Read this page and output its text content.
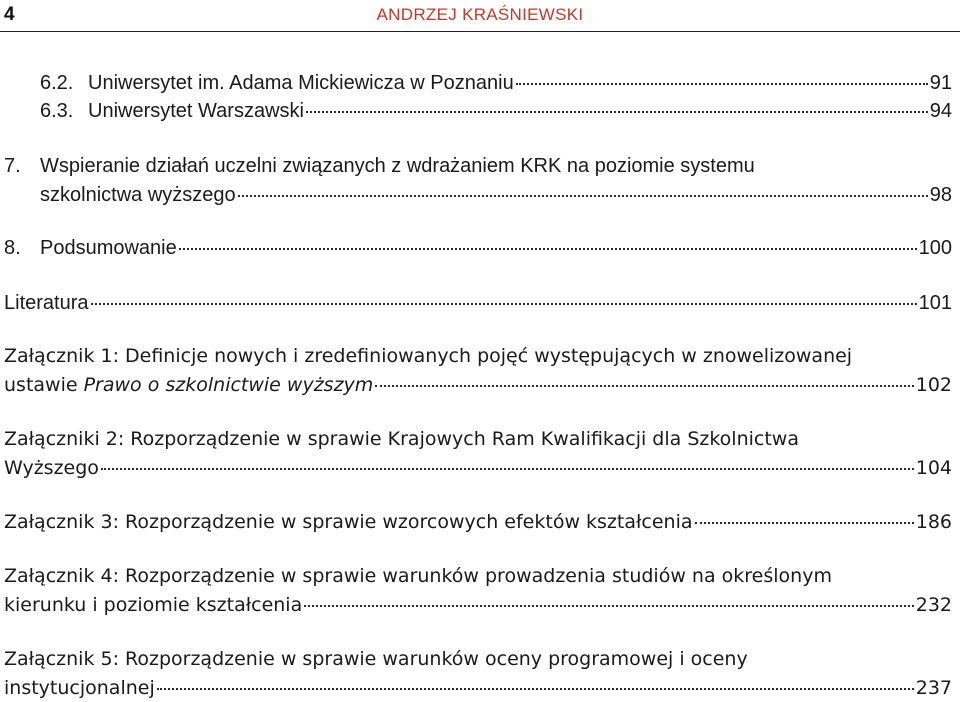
4	ANDRZEJ KRAŚNIEWSKI
6.2. Uniwersytet im. Adama Mickiewicza w Poznaniu	91
6.3. Uniwersytet Warszawski	94
7. Wspieranie działań uczelni związanych z wdrażaniem KRK na poziomie systemu
szkolnictwa wyższego	98
8. Podsumowanie	100
Literatura	101
Załącznik 1: Definicje nowych i zredefiniowanych pojęć występujących w znowelizowanej
ustawie Prawo o szkolnictwie wyższym	102
Załączniki 2: Rozporządzenie w sprawie Krajowych Ram Kwalifikacji dla Szkolnictwa
Wyższego	104
Załącznik 3: Rozporządzenie w sprawie wzorcowych efektów kształcenia	186
Załącznik 4: Rozporządzenie w sprawie warunków prowadzenia studiów na określonym
kierunku i poziomie kształcenia	232
Załącznik 5: Rozporządzenie w sprawie warunków oceny programowej i oceny
instytucjonalnej	237
